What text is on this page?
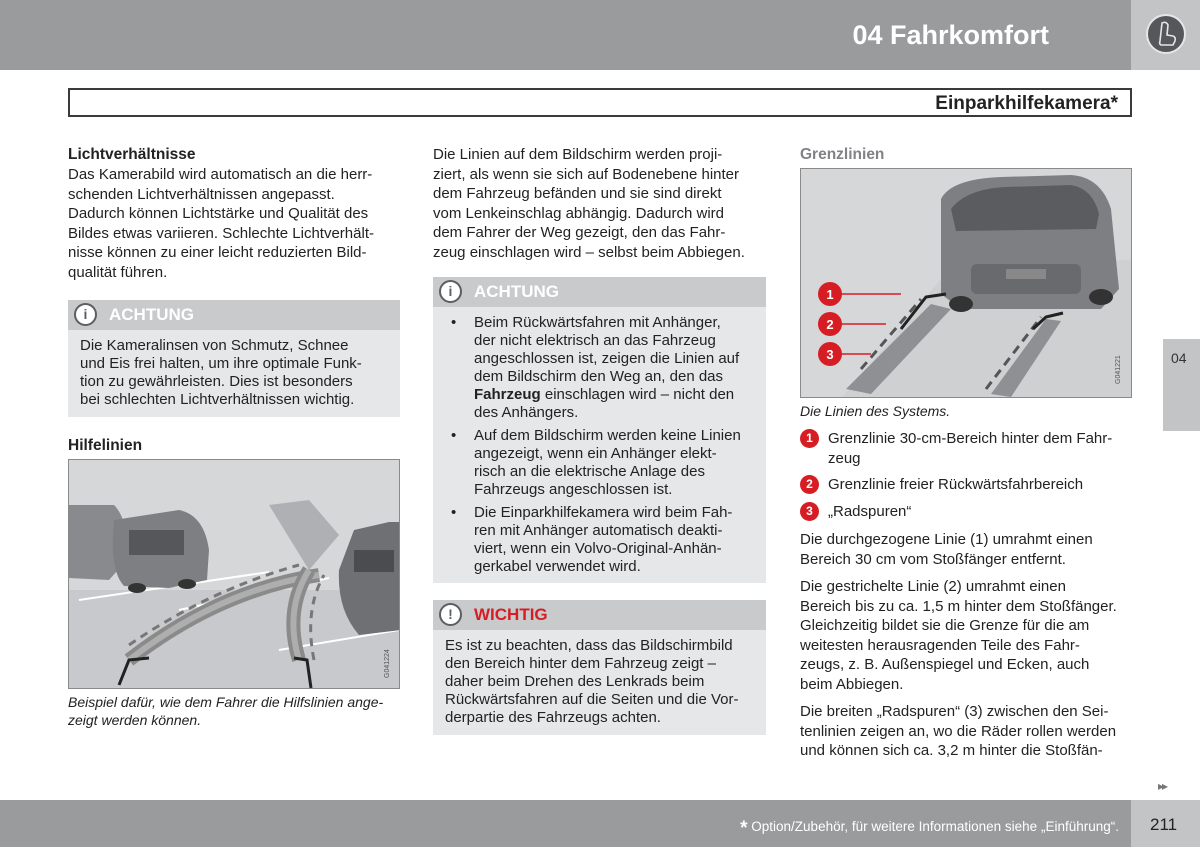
04 Fahrkomfort
Einparkhilfekamera*
04
Lichtverhältnisse

Das Kamerabild wird automatisch an die herr-
schenden Lichtverhältnissen angepasst.
Dadurch können Lichtstärke und Qualität des
Bildes etwas variieren. Schlechte Lichtverhält-
nisse können zu einer leicht reduzierten Bild-
qualität führen.

i	ACHTUNG
Die Kameralinsen von Schmutz, Schnee
und Eis frei halten, um ihre optimale Funk-
tion zu gewährleisten. Dies ist besonders
bei schlechten Lichtverhältnissen wichtig.
Hilfelinien
G041224

Beispiel dafür, wie dem Fahrer die Hilfslinien ange-
zeigt werden können.

Die Linien auf dem Bildschirm werden proji-
ziert, als wenn sie sich auf Bodenebene hinter
dem Fahrzeug befänden und sie sind direkt
vom Lenkeinschlag abhängig. Dadurch wird
dem Fahrer der Weg gezeigt, den das Fahr-
zeug einschlagen wird – selbst beim Abbiegen.

i	ACHTUNG
• Beim Rückwärtsfahren mit Anhänger,
der nicht elektrisch an das Fahrzeug
angeschlossen ist, zeigen die Linien auf
dem Bildschirm den Weg an, den das
Fahrzeug einschlagen wird – nicht den
des Anhängers.
• Auf dem Bildschirm werden keine Linien
angezeigt, wenn ein Anhänger elekt-
risch an die elektrische Anlage des
Fahrzeugs angeschlossen ist.
• Die Einparkhilfekamera wird beim Fah-
ren mit Anhänger automatisch deakti-
viert, wenn ein Volvo-Original-Anhän-
gerkabel verwendet wird.
!	WICHTIG
Es ist zu beachten, dass das Bildschirmbild
den Bereich hinter dem Fahrzeug zeigt –
daher beim Drehen des Lenkrads beim
Rückwärtsfahren auf die Seiten und die Vor-
derpartie des Fahrzeugs achten.
Grenzlinien
1
2
3
G041221

Die Linien des Systems.

1	Grenzlinie 30-cm-Bereich hinter dem Fahr-
zeug
2	Grenzlinie freier Rückwärtsfahrbereich
3	„Radspuren“

Die durchgezogene Linie (1) umrahmt einen
Bereich 30 cm vom Stoßfänger entfernt.

Die gestrichelte Linie (2) umrahmt einen
Bereich bis zu ca. 1,5 m hinter dem Stoßfänger.
Gleichzeitig bildet sie die Grenze für die am
weitesten herausragenden Teile des Fahr-
zeugs, z. B. Außenspiegel und Ecken, auch
beim Abbiegen.

Die breiten „Radspuren“ (3) zwischen den Sei-
tenlinien zeigen an, wo die Räder rollen werden
und können sich ca. 3,2 m hinter die Stoßfän-

▸▸
* Option/Zubehör, für weitere Informationen siehe „Einführung“. 211
